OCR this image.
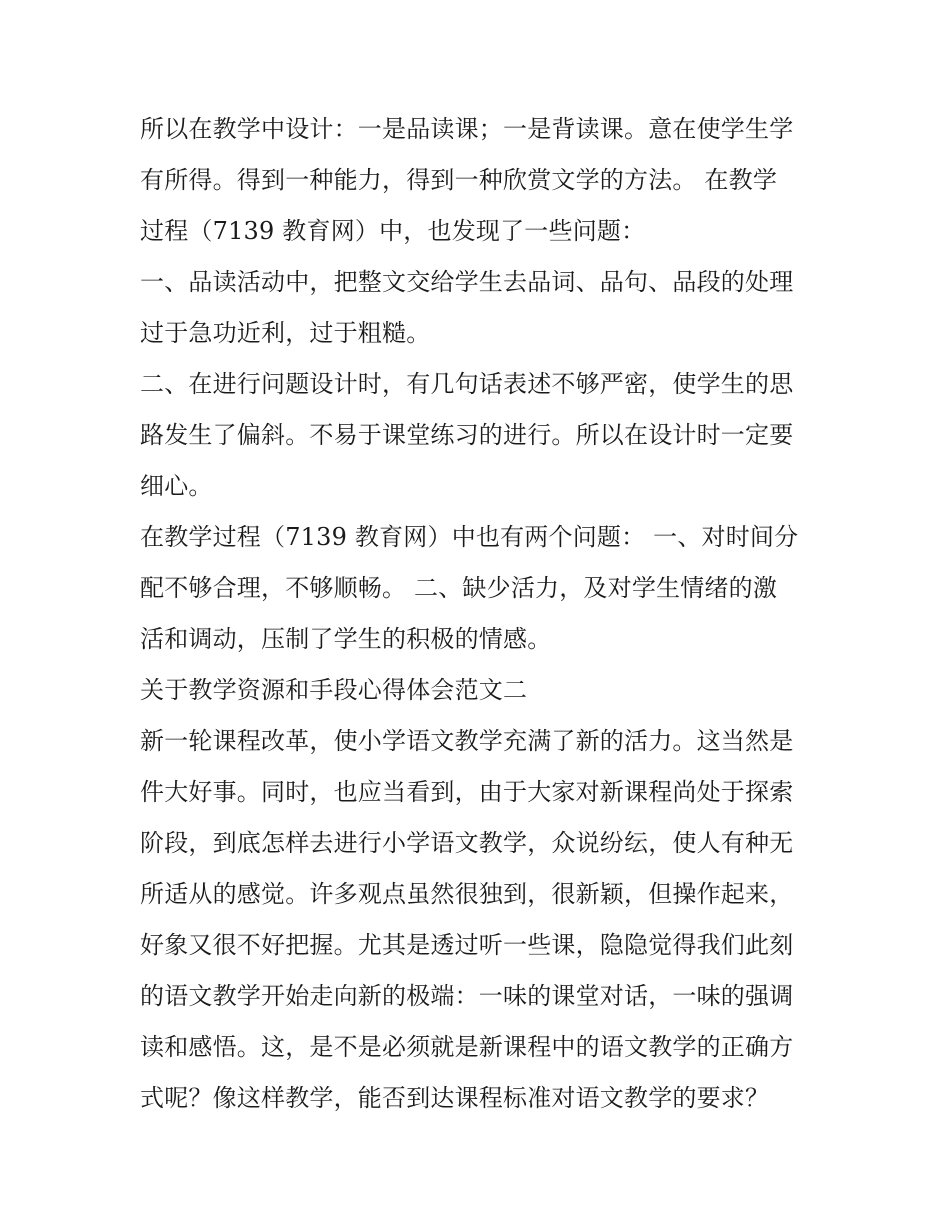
所以在教学中设计：一是品读课；一是背读课。意在使学生学
有所得。得到一种能力，得到一种欣赏文学的方法。 在教学
过程（7139 教育网）中，也发现了一些问题：
一、品读活动中，把整文交给学生去品词、品句、品段的处理
过于急功近利，过于粗糙。
二、在进行问题设计时，有几句话表述不够严密，使学生的思
路发生了偏斜。不易于课堂练习的进行。所以在设计时一定要
细心。
在教学过程（7139 教育网）中也有两个问题： 一、对时间分
配不够合理，不够顺畅。 二、缺少活力，及对学生情绪的激
活和调动，压制了学生的积极的情感。
关于教学资源和手段心得体会范文二
新一轮课程改革，使小学语文教学充满了新的活力。这当然是
件大好事。同时，也应当看到，由于大家对新课程尚处于探索
阶段，到底怎样去进行小学语文教学，众说纷纭，使人有种无
所适从的感觉。许多观点虽然很独到，很新颖，但操作起来，
好象又很不好把握。尤其是透过听一些课，隐隐觉得我们此刻
的语文教学开始走向新的极端：一味的课堂对话，一味的强调
读和感悟。这，是不是必须就是新课程中的语文教学的正确方
式呢？像这样教学，能否到达课程标准对语文教学的要求？
